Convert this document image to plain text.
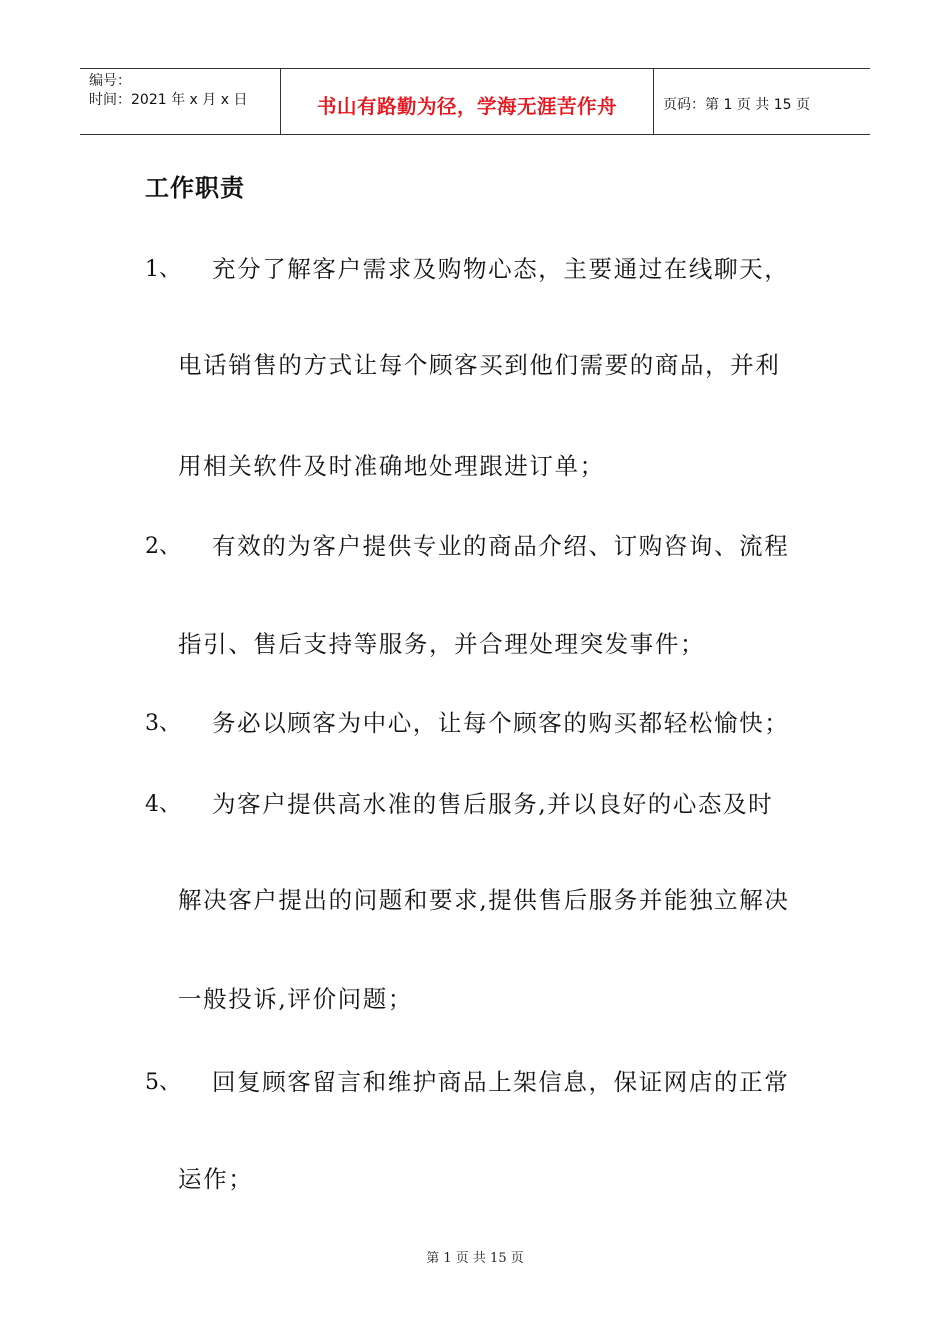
编号：
时间：2021 年 x 月 x 日	书山有路勤为径，学海无涯苦作舟	页码：第 1 页 共 15 页
工作职责
1、 充分了解客户需求及购物心态，主要通过在线聊天，
电话销售的方式让每个顾客买到他们需要的商品，并利
用相关软件及时准确地处理跟进订单；
2、 有效的为客户提供专业的商品介绍、订购咨询、流程
指引、售后支持等服务，并合理处理突发事件；
3、 务必以顾客为中心，让每个顾客的购买都轻松愉快；
4、 为客户提供高水准的售后服务,并以良好的心态及时
解决客户提出的问题和要求,提供售后服务并能独立解决
一般投诉,评价问题；
5、 回复顾客留言和维护商品上架信息，保证网店的正常
运作；
第 1 页 共 15 页
